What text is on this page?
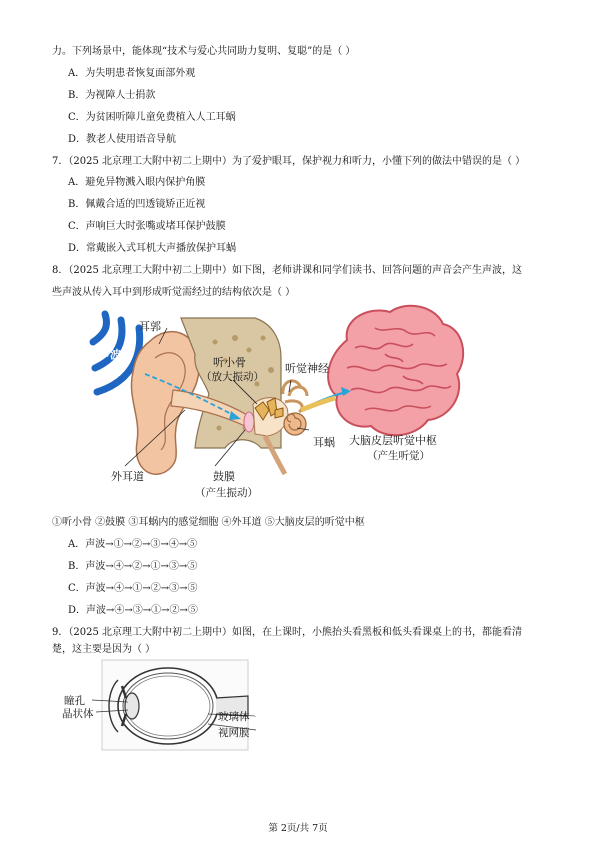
力。下列场景中，能体现“技术与爱心共同助力复明、复聪”的是（ ）
A．为失明患者恢复面部外观
B．为视障人士捐款
C．为贫困听障儿童免费植入人工耳蜗
D．教老人使用语音导航
7．（2025 北京理工大附中初二上期中）为了爱护眼耳，保护视力和听力，小懂下列的做法中错误的是（ ）
A．避免异物溅入眼内保护角膜
B．佩戴合适的凹透镜矫正近视
C．声响巨大时张嘴或堵耳保护鼓膜
D．常戴嵌入式耳机大声播放保护耳蜗
8．（2025 北京理工大附中初二上期中）如下图，老师讲课和同学们读书、回答问题的声音会产生声波，这
些声波从传入耳中到形成听觉需经过的结构依次是（ ）
声波
耳郭
听小骨
（放大振动）
听觉神经
耳蜗 大脑皮层听觉中枢
（产生听觉）
外耳道	鼓膜
（产生振动）
①听小骨 ②鼓膜 ③耳蜗内的感觉细胞 ④外耳道 ⑤大脑皮层的听觉中枢
A．声波→①→②→③→④→⑤
B．声波→④→②→①→③→⑤
C．声波→④→①→②→③→⑤
D．声波→④→③→①→②→⑤
9．（2025 北京理工大附中初二上期中）如图，在上课时，小熊抬头看黑板和低头看课桌上的书，都能看清
楚，这主要是因为（ ）
瞳孔
晶状体	玻璃体
视网膜
第 2页/共 7页
